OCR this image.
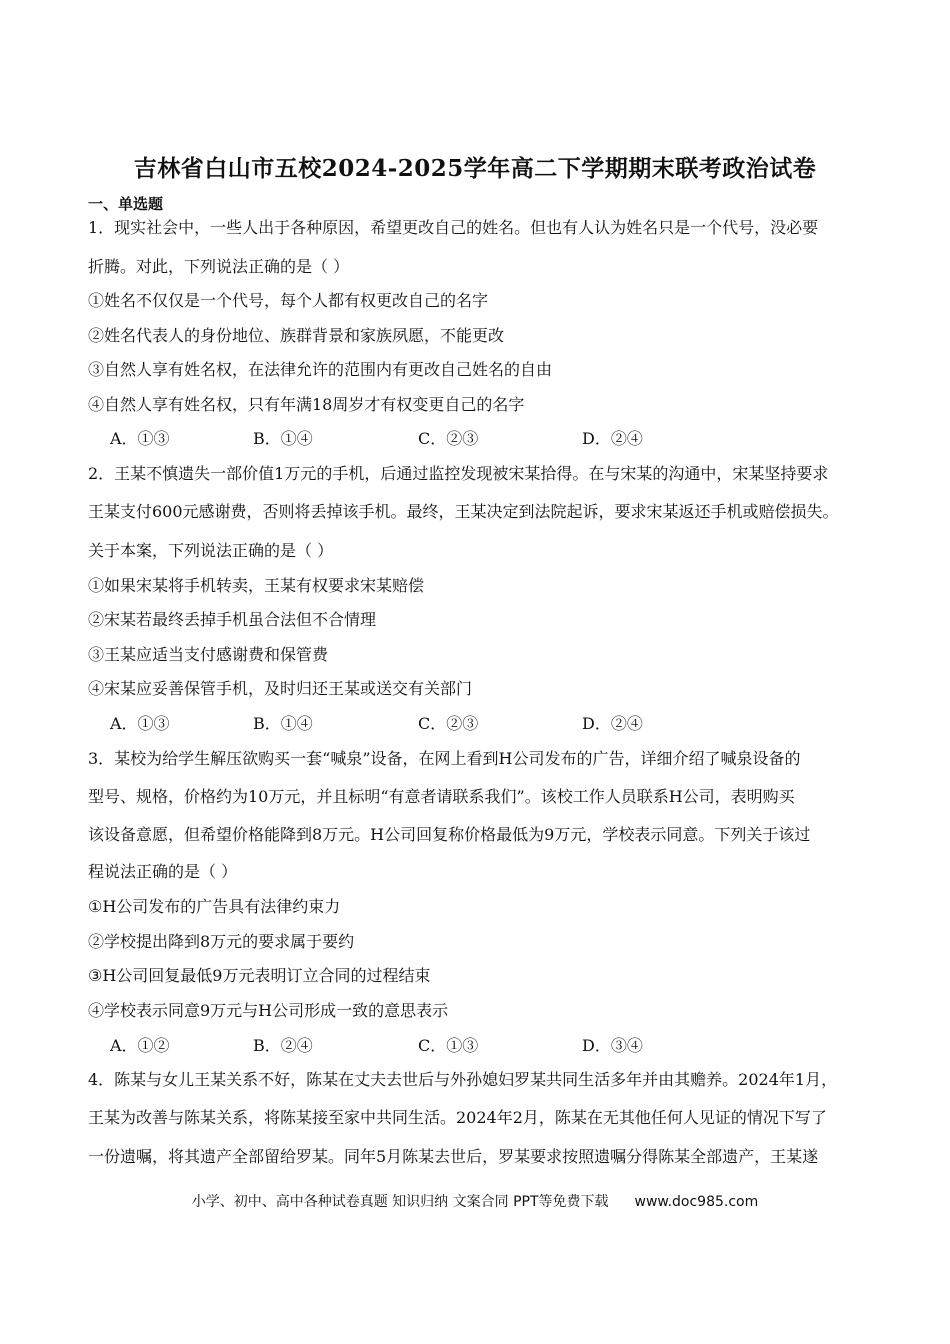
吉林省白山市五校2024-2025学年高二下学期期末联考政治试卷
一、单选题
1．现实社会中，一些人出于各种原因，希望更改自己的姓名。但也有人认为姓名只是一个代号，没必要
折腾。对此，下列说法正确的是（ ）
①姓名不仅仅是一个代号，每个人都有权更改自己的名字
②姓名代表人的身份地位、族群背景和家族夙愿，不能更改
③自然人享有姓名权，在法律允许的范围内有更改自己姓名的自由
④自然人享有姓名权，只有年满18周岁才有权变更自己的名字
A．①③	B．①④	C．②③	D．②④
2．王某不慎遗失一部价值1万元的手机，后通过监控发现被宋某拾得。在与宋某的沟通中，宋某坚持要求
王某支付600元感谢费，否则将丢掉该手机。最终，王某决定到法院起诉，要求宋某返还手机或赔偿损失。
关于本案，下列说法正确的是（ ）
①如果宋某将手机转卖，王某有权要求宋某赔偿
②宋某若最终丢掉手机虽合法但不合情理
③王某应适当支付感谢费和保管费
④宋某应妥善保管手机，及时归还王某或送交有关部门
A．①③	B．①④	C．②③	D．②④
3．某校为给学生解压欲购买一套“喊泉”设备，在网上看到H公司发布的广告，详细介绍了喊泉设备的
型号、规格，价格约为10万元，并且标明“有意者请联系我们”。该校工作人员联系H公司，表明购买
该设备意愿，但希望价格能降到8万元。H公司回复称价格最低为9万元，学校表示同意。下列关于该过
程说法正确的是（ ）
①H公司发布的广告具有法律约束力
②学校提出降到8万元的要求属于要约
③H公司回复最低9万元表明订立合同的过程结束
④学校表示同意9万元与H公司形成一致的意思表示
A．①②	B．②④	C．①③	D．③④
4．陈某与女儿王某关系不好，陈某在丈夫去世后与外孙媳妇罗某共同生活多年并由其赡养。2024年1月，
王某为改善与陈某关系，将陈某接至家中共同生活。2024年2月，陈某在无其他任何人见证的情况下写了
一份遗嘱，将其遗产全部留给罗某。同年5月陈某去世后，罗某要求按照遗嘱分得陈某全部遗产，王某遂
小学、初中、高中各种试卷真题 知识归纳 文案合同 PPT等免费下载 www.doc985.com
